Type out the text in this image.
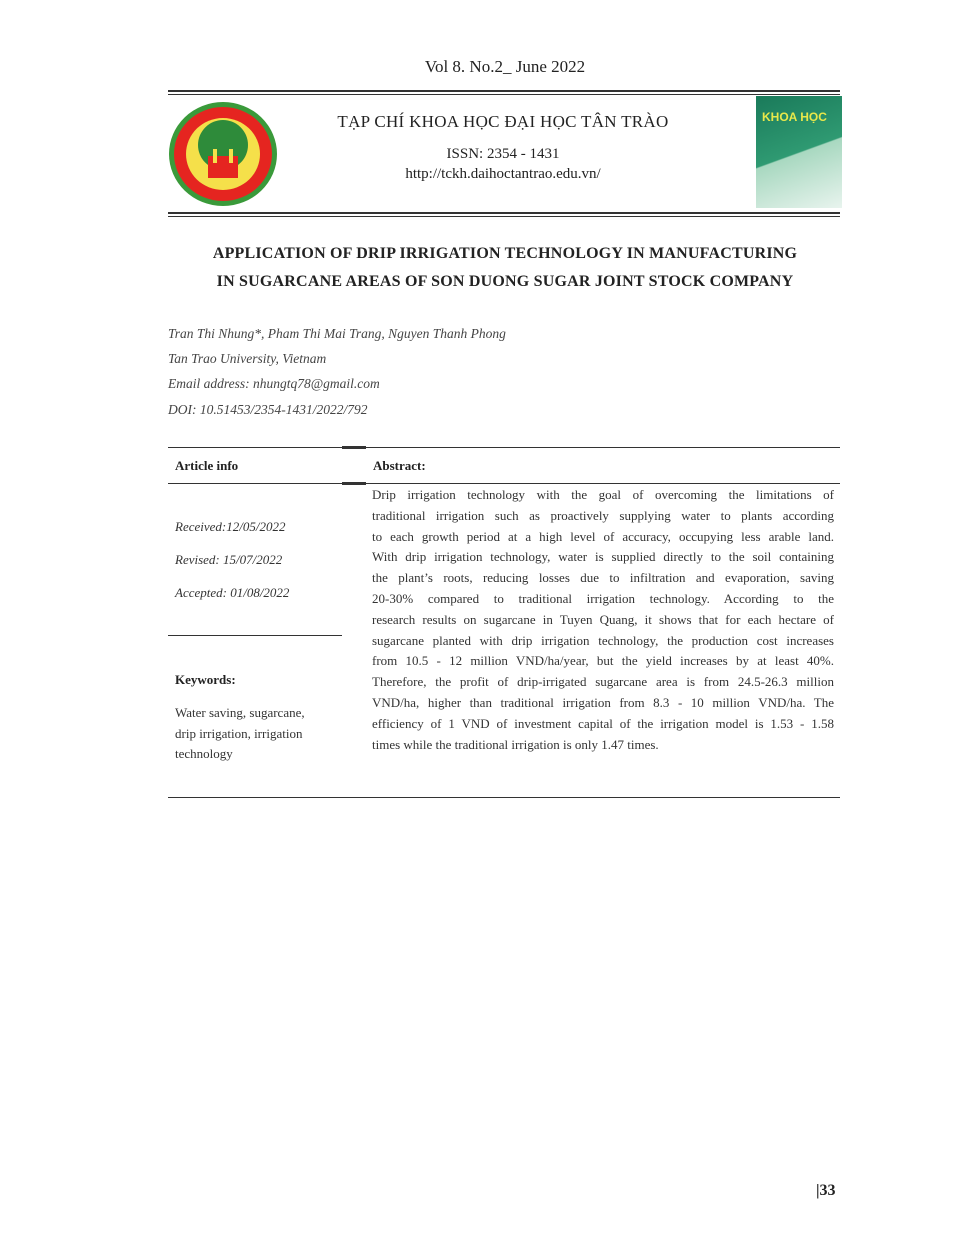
Vol 8. No.2_ June 2022
TẠP CHÍ KHOA HỌC ĐẠI HỌC TÂN TRÀO
ISSN: 2354 - 1431
http://tckh.daihoctantrao.edu.vn/
KHOA HỌC
APPLICATION OF DRIP IRRIGATION TECHNOLOGY IN MANUFACTURING
IN SUGARCANE AREAS OF SON DUONG SUGAR JOINT STOCK COMPANY
Tran Thi Nhung*, Pham Thi Mai Trang, Nguyen Thanh Phong
Tan Trao University, Vietnam
Email address: nhungtq78@gmail.com
DOI: 10.51453/2354-1431/2022/792
Article info	Abstract:
Received:12/05/2022
Revised: 15/07/2022
Accepted: 01/08/2022
Keywords:
Water saving, sugarcane,
drip irrigation, irrigation
technology
Drip irrigation technology with the goal of overcoming the limitations of
traditional irrigation such as proactively supplying water to plants according
to each growth period at a high level of accuracy, occupying less arable land.
With drip irrigation technology, water is supplied directly to the soil containing
the plant’s roots, reducing losses due to infiltration and evaporation, saving
20-30% compared to traditional irrigation technology. According to the
research results on sugarcane in Tuyen Quang, it shows that for each hectare of
sugarcane planted with drip irrigation technology, the production cost increases
from 10.5 - 12 million VND/ha/year, but the yield increases by at least 40%.
Therefore, the profit of drip-irrigated sugarcane area is from 24.5-26.3 million
VND/ha, higher than traditional irrigation from 8.3 - 10 million VND/ha. The
efficiency of 1 VND of investment capital of the irrigation model is 1.53 - 1.58
times while the traditional irrigation is only 1.47 times.
|33
